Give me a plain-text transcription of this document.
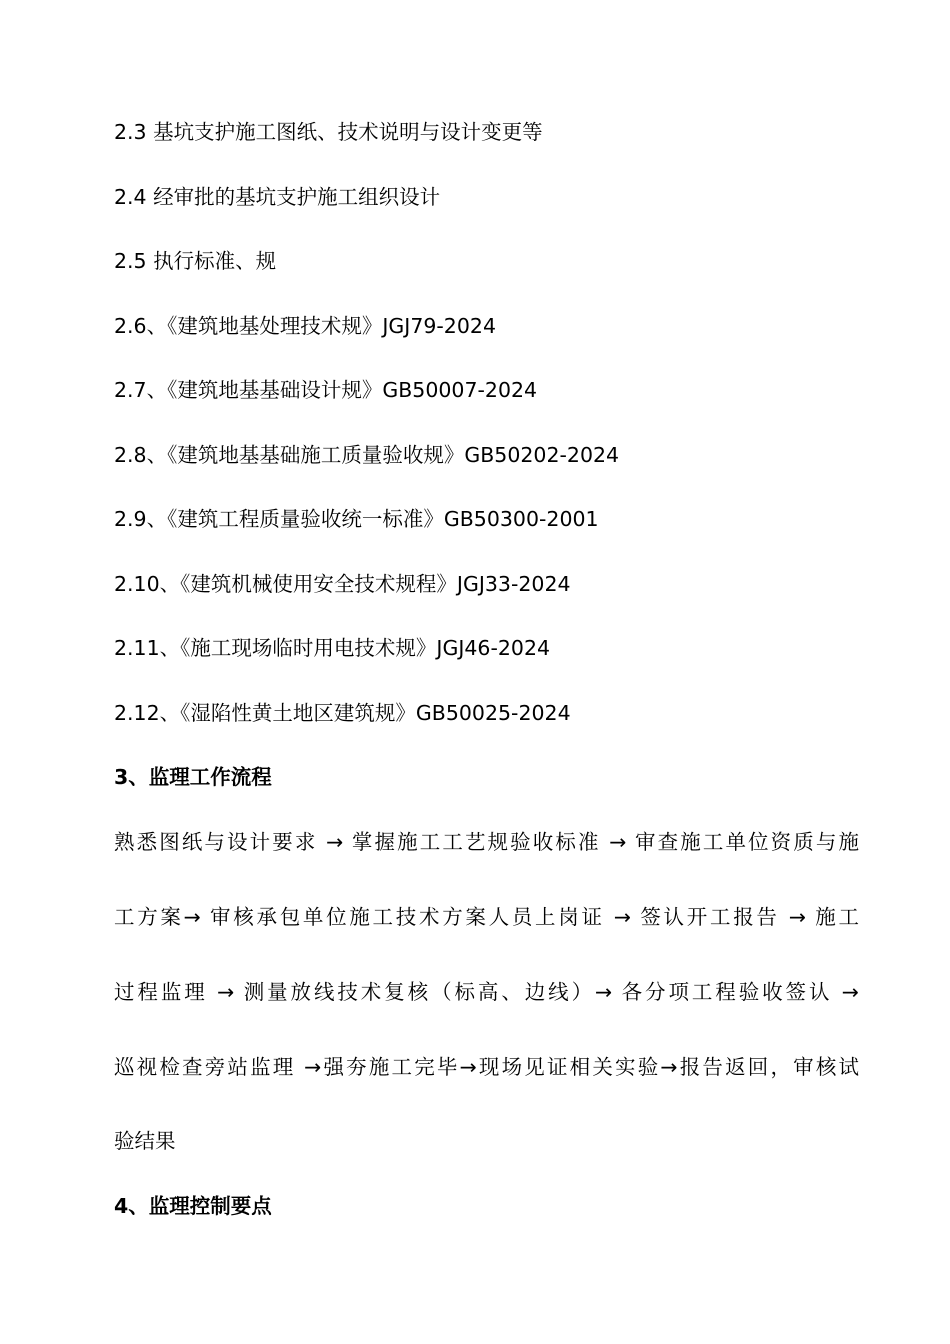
2.3 基坑支护施工图纸、技术说明与设计变更等
2.4 经审批的基坑支护施工组织设计
2.5 执行标准、规
2.6、《建筑地基处理技术规》JGJ79-2024
2.7、《建筑地基基础设计规》GB50007-2024
2.8、《建筑地基基础施工质量验收规》GB50202-2024
2.9、《建筑工程质量验收统一标准》GB50300-2001
2.10、《建筑机械使用安全技术规程》JGJ33-2024
2.11、《施工现场临时用电技术规》JGJ46-2024
2.12、《湿陷性黄土地区建筑规》GB50025-2024
3、监理工作流程
熟悉图纸与设计要求 → 掌握施工工艺规验收标准 → 审查施工单位资质与施
工方案→ 审核承包单位施工技术方案人员上岗证 → 签认开工报告 → 施工
过程监理 → 测量放线技术复核（标高、边线）→ 各分项工程验收签认 →
巡视检查旁站监理 →强夯施工完毕→现场见证相关实验→报告返回，审核试
验结果
4、监理控制要点
